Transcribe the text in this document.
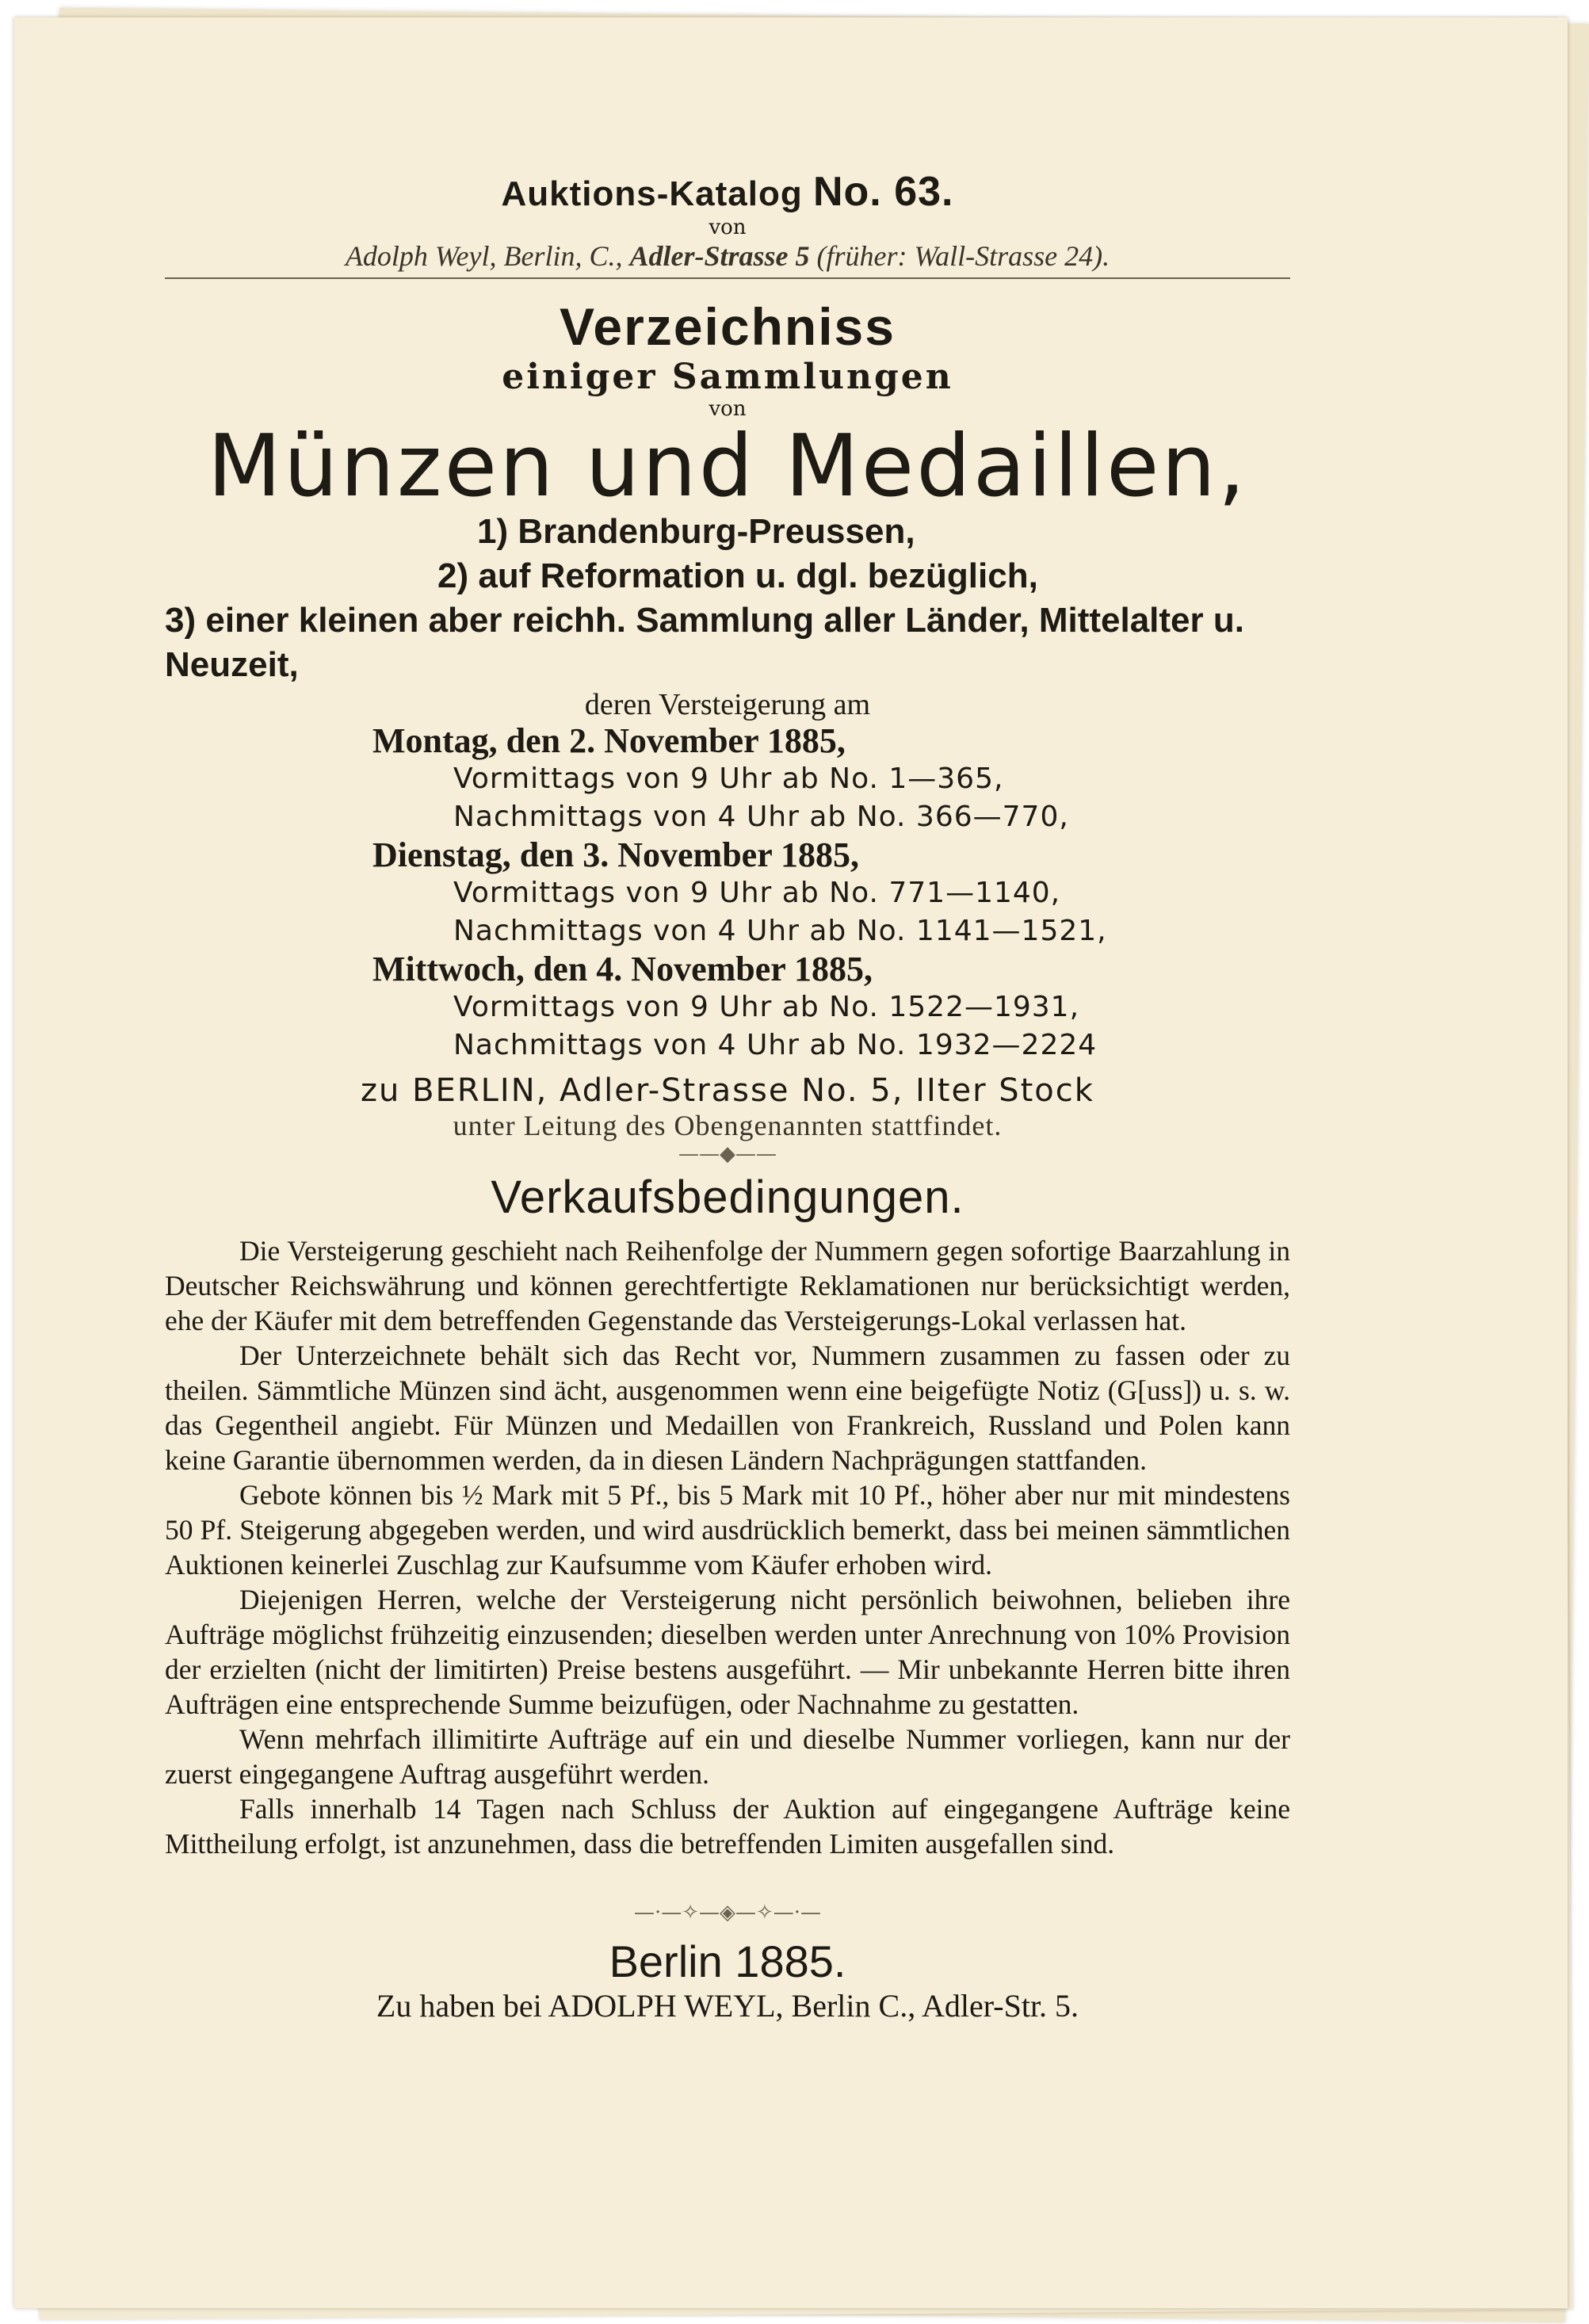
Auktions-Katalog No. 63.
von
Adolph Weyl, Berlin, C., Adler-Strasse 5 (früher: Wall-Strasse 24).
Verzeichniss
einiger Sammlungen
von
Münzen und Medaillen,
1) Brandenburg-Preussen,
2) auf Reformation u. dgl. bezüglich,
3) einer kleinen aber reichh. Sammlung aller Länder, Mittelalter u. Neuzeit,
deren Versteigerung am
Montag, den 2. November 1885,
Vormittags von 9 Uhr ab No. 1—365,
Nachmittags von 4 Uhr ab No. 366—770,
Dienstag, den 3. November 1885,
Vormittags von 9 Uhr ab No. 771—1140,
Nachmittags von 4 Uhr ab No. 1141—1521,
Mittwoch, den 4. November 1885,
Vormittags von 9 Uhr ab No. 1522—1931,
Nachmittags von 4 Uhr ab No. 1932—2224
zu BERLIN, Adler-Strasse No. 5, IIter Stock
unter Leitung des Obengenannten stattfindet.
——◆——
Verkaufsbedingungen.

Die Versteigerung geschieht nach Reihenfolge der Nummern gegen sofortige Baarzahlung in Deutscher Reichswährung und können gerechtfertigte Reklamationen nur berücksichtigt werden, ehe der Käufer mit dem betreffenden Gegenstande das Versteigerungs-Lokal verlassen hat.

Der Unterzeichnete behält sich das Recht vor, Nummern zusammen zu fassen oder zu theilen. Sämmtliche Münzen sind ächt, ausgenommen wenn eine beigefügte Notiz (G[uss]) u. s. w. das Gegentheil angiebt. Für Münzen und Medaillen von Frankreich, Russland und Polen kann keine Garantie übernommen werden, da in diesen Ländern Nachprägungen stattfanden.

Gebote können bis ½ Mark mit 5 Pf., bis 5 Mark mit 10 Pf., höher aber nur mit mindestens 50 Pf. Steigerung abgegeben werden, und wird ausdrücklich bemerkt, dass bei meinen sämmtlichen Auktionen keinerlei Zuschlag zur Kaufsumme vom Käufer erhoben wird.

Diejenigen Herren, welche der Versteigerung nicht persönlich beiwohnen, belieben ihre Aufträge möglichst frühzeitig einzusenden; dieselben werden unter Anrechnung von 10% Provision der erzielten (nicht der limitirten) Preise bestens ausgeführt. — Mir unbekannte Herren bitte ihren Aufträgen eine entsprechende Summe beizufügen, oder Nachnahme zu gestatten.

Wenn mehrfach illimitirte Aufträge auf ein und dieselbe Nummer vorliegen, kann nur der zuerst eingegangene Auftrag ausgeführt werden.

Falls innerhalb 14 Tagen nach Schluss der Auktion auf eingegangene Aufträge keine Mittheilung erfolgt, ist anzunehmen, dass die betreffenden Limiten ausgefallen sind.

—·—✧—◈—✧—·—
Berlin 1885.
Zu haben bei ADOLPH WEYL, Berlin C., Adler-Str. 5.
